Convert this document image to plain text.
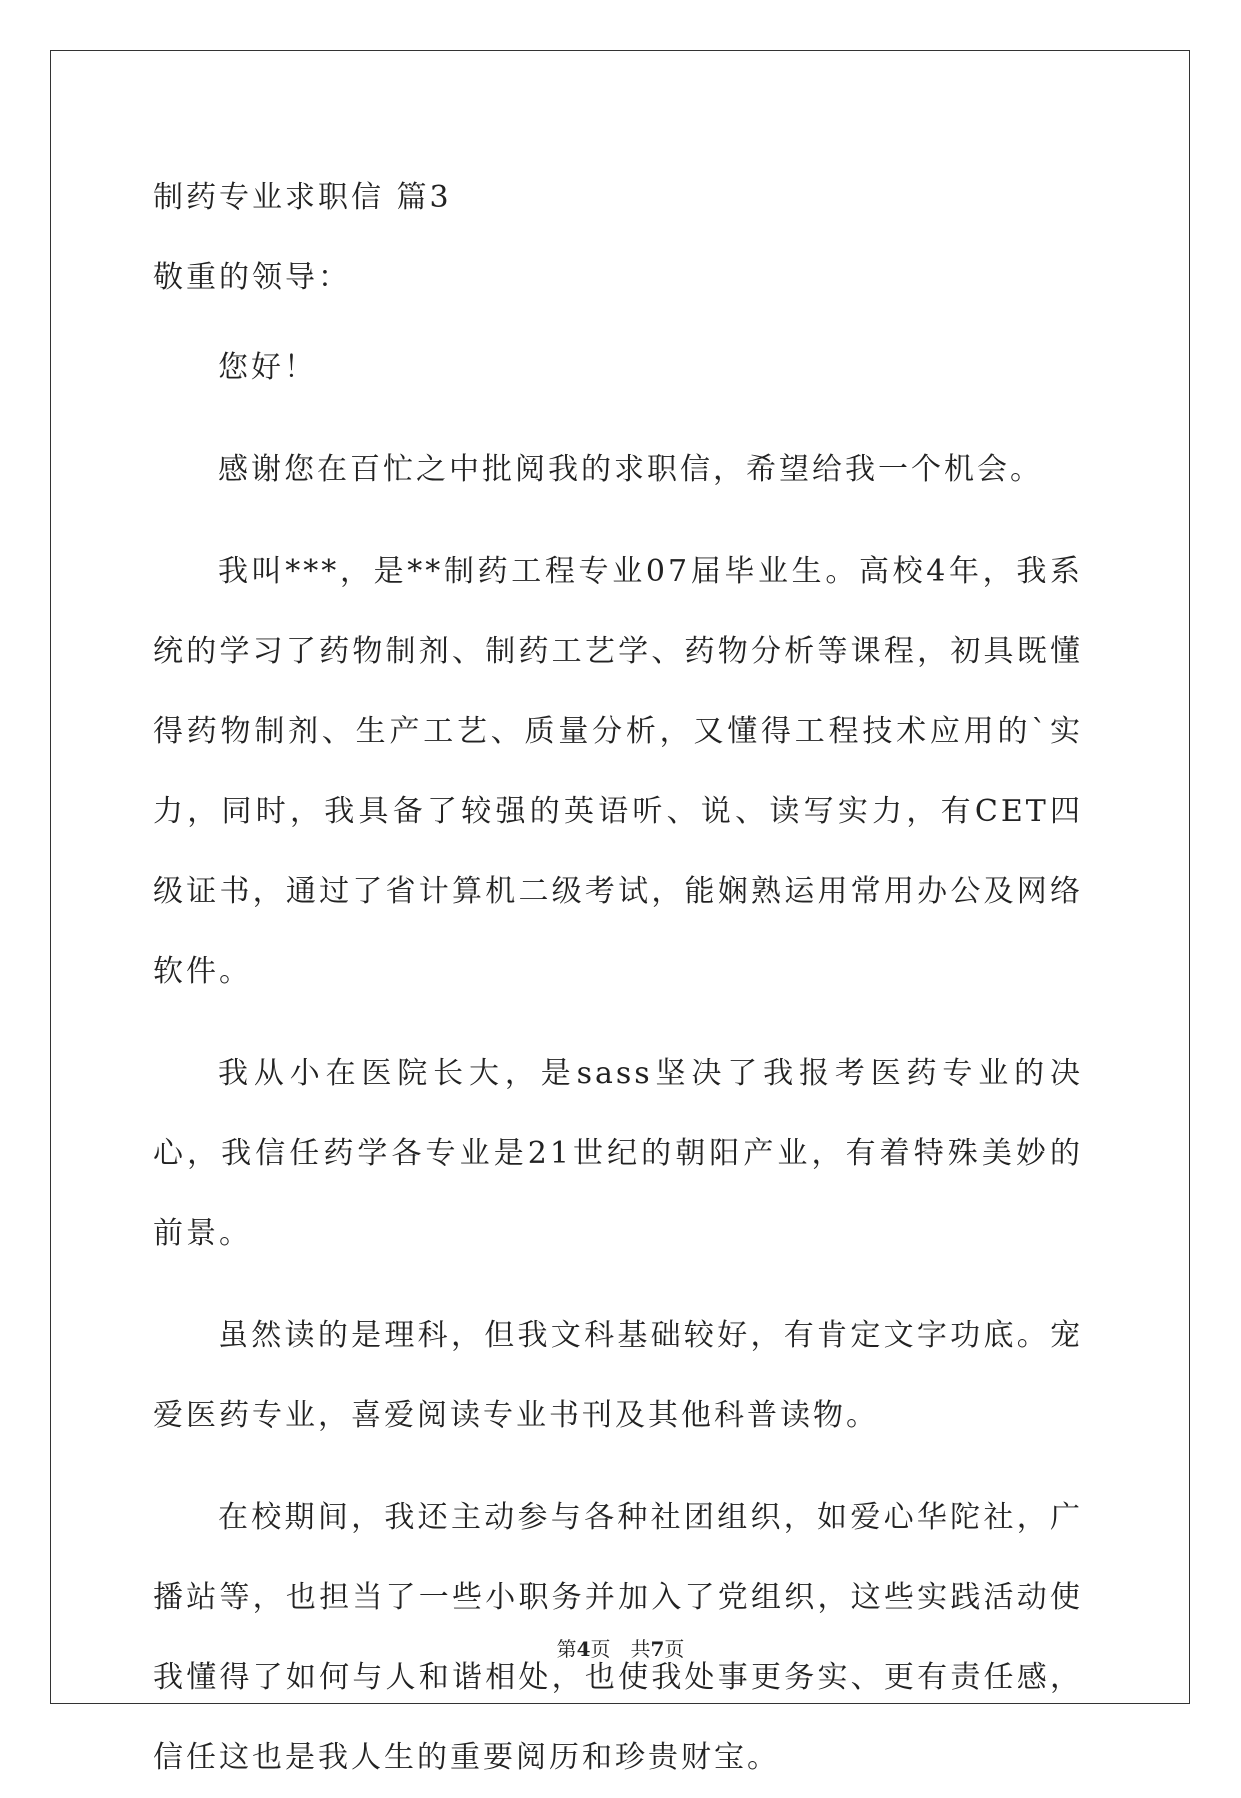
制药专业求职信 篇3
敬重的领导：

您好！

感谢您在百忙之中批阅我的求职信，希望给我一个机会。

我叫***，是**制药工程专业07届毕业生。高校4年，我系统的学习了药物制剂、制药工艺学、药物分析等课程，初具既懂得药物制剂、生产工艺、质量分析，又懂得工程技术应用的`实力，同时，我具备了较强的英语听、说、读写实力，有CET四级证书，通过了省计算机二级考试，能娴熟运用常用办公及网络软件。

我从小在医院长大，是sass坚决了我报考医药专业的决心，我信任药学各专业是21世纪的朝阳产业，有着特殊美妙的前景。

虽然读的是理科，但我文科基础较好，有肯定文字功底。宠爱医药专业，喜爱阅读专业书刊及其他科普读物。

在校期间，我还主动参与各种社团组织，如爱心华陀社，广播站等，也担当了一些小职务并加入了党组织，这些实践活动使我懂得了如何与人和谐相处，也使我处事更务实、更有责任感，信任这也是我人生的重要阅历和珍贵财宝。

第4页 共7页
